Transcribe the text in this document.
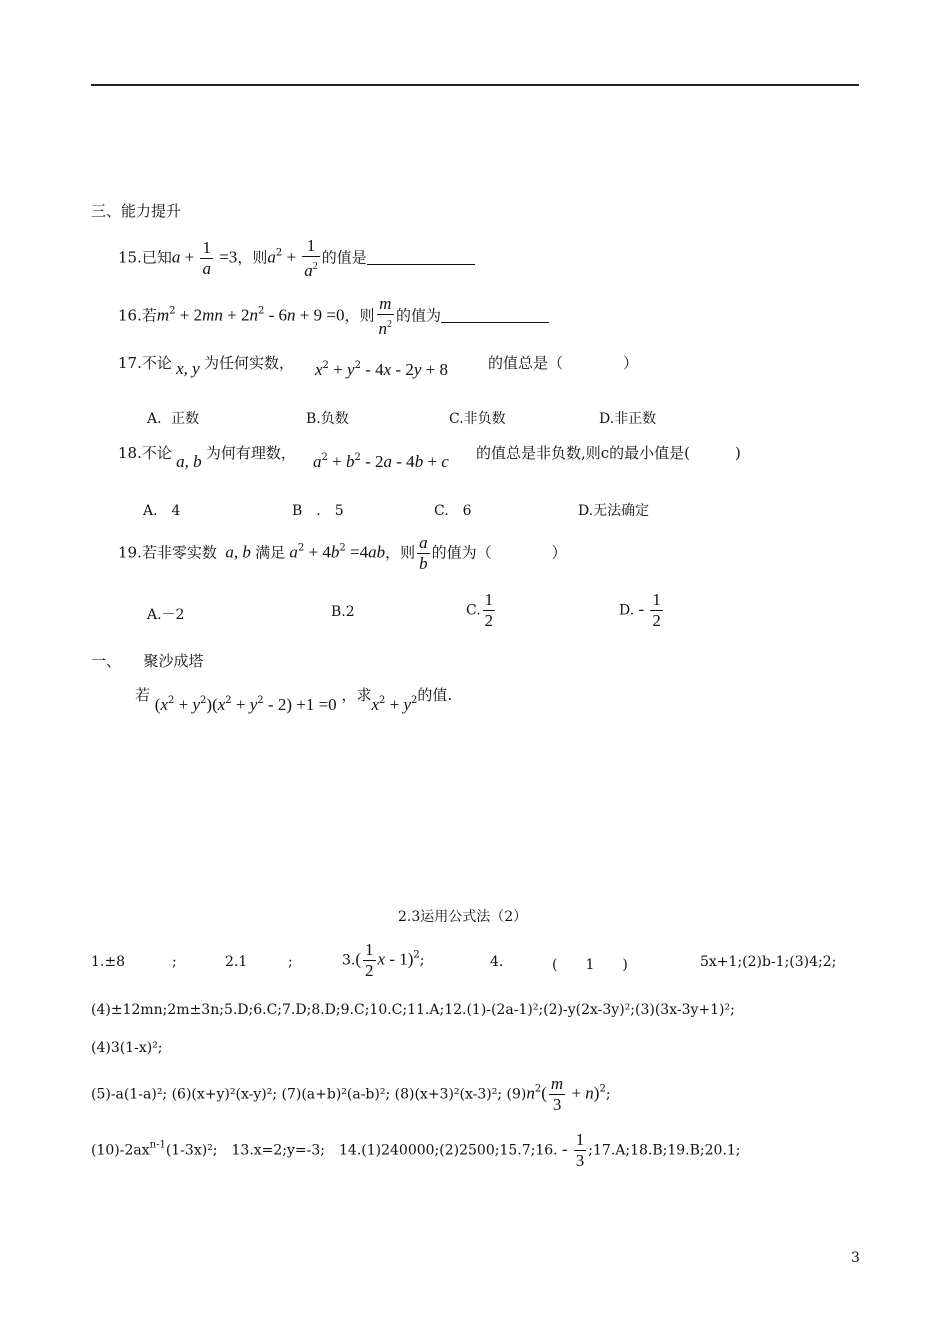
三、能力提升
15.已知$a + \frac{1}{a} =3$，则$a^2 + \frac{1}{a^2}$ 的值是
16.若$m^2 + 2mn + 2n^2 - 6n + 9 =0$，则 $\frac{m}{n^2}$ 的值为
17.不论 x, y 为任何实数， $x^2 + y^2 - 4x - 2y + 8$	的值总是（　　　　）
A．正数	B.负数	C.非负数	D.非正数
18.不论 a, b 为何有理数， $a^2 + b^2 - 2a - 4b + c$ 的值总是非负数,则c的最小值是(　　　)
A.　4	B　.　5	C.　6	D.无法确定
19.若非零实数  a, b 满足 $a^2 + 4b^2 =4ab$，则 $\frac{a}{b}$ 的值为（　　　　）
A.－2	B.2	C. $\frac{1}{2}$	D. - $\frac{1}{2}$
一、　　聚沙成塔
若 $(x^2 + y^2)(x^2 + y^2 - 2) +1 =0$ ，求$x^2 + y^2$的值.
2.3运用公式法（2）
1.±8	;	2.1	;	$3.( \frac{1}{2}$ x - 1)$^2$;	4.	(　　1　　)	5x+1;(2)b-1;(3)4;2;
(4)±12mn;2m±3n;5.D;6.C;7.D;8.D;9.C;10.C;11.A;12.(1)-(2a-1)²;(2)-y(2x-3y)²;(3)(3x-3y+1)²;
(4)3(1-x)²;
(5)-a(1-a)²; (6)(x+y)²(x-y)²; (7)(a+b)²(a-b)²; (8)(x+3)²(x-3)²; $(9)n^2( \frac{m}{3} + n)^2$;
$(10)-2ax^{n-1}(1-3x)^2$;　13.x=2;y=-3;　14.(1)240000;(2)2500;15.7;16. - $\frac{1}{3}$ ;17.A;18.B;19.B;20.1;
3
